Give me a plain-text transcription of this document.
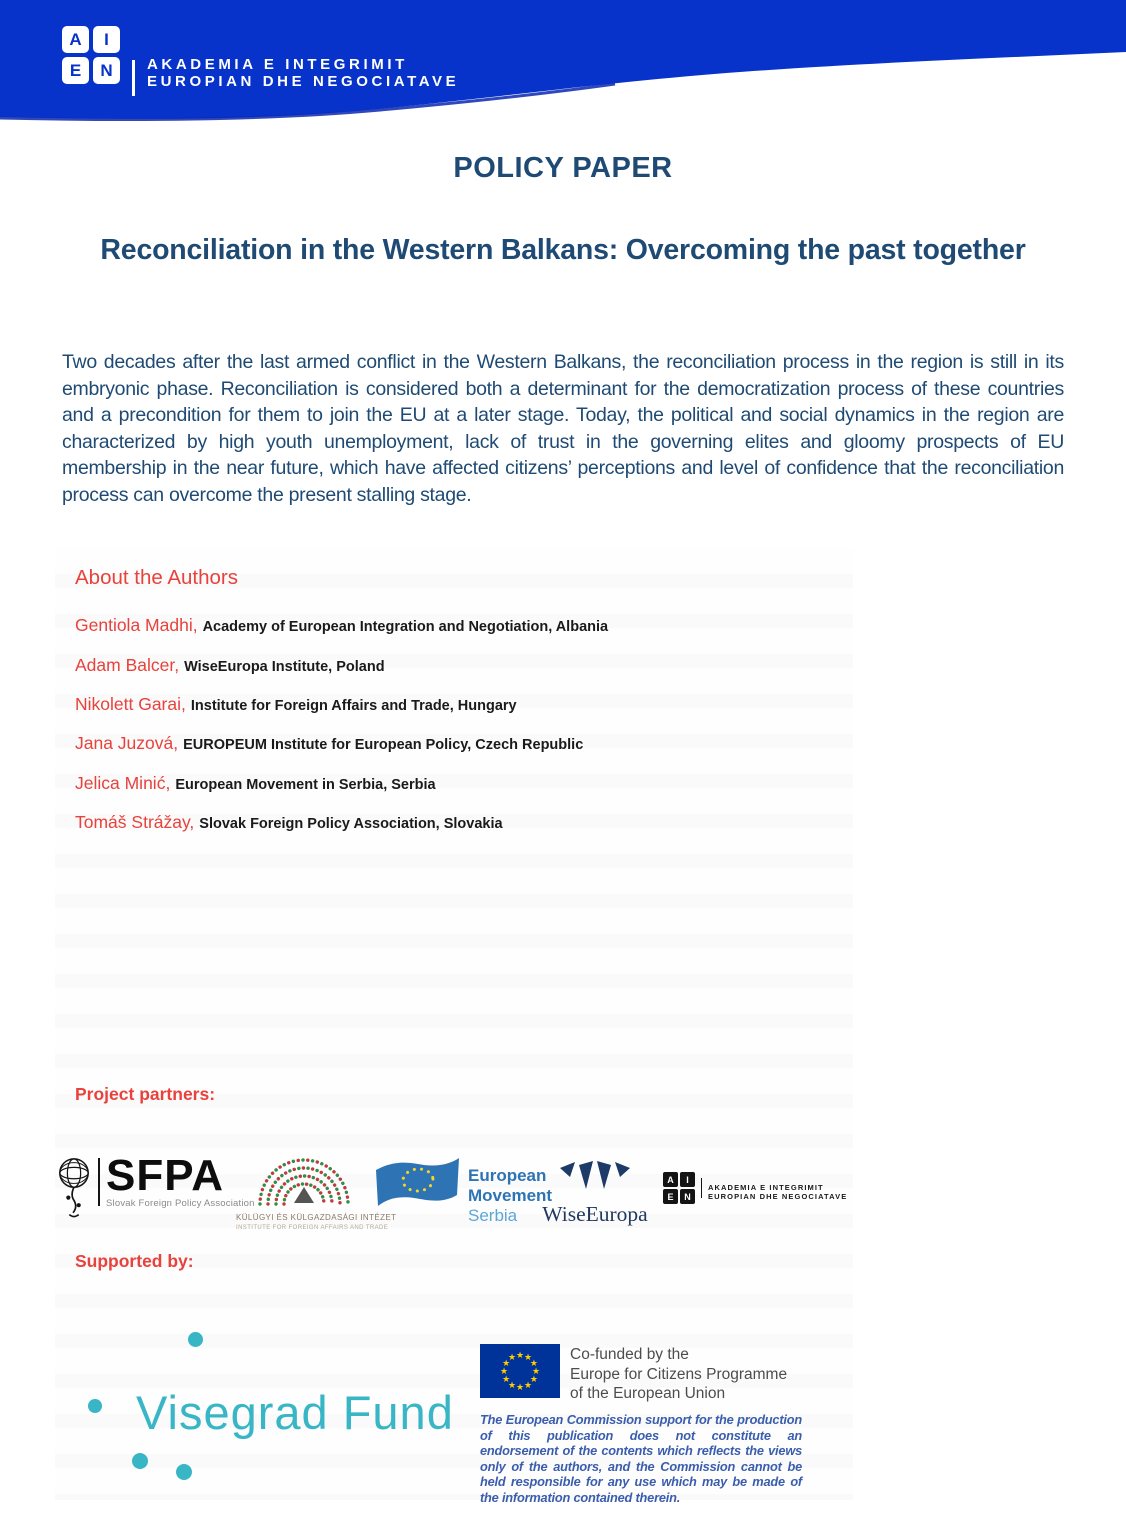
A	I
E	N	AKADEMIA E INTEGRIMIT
EUROPIAN DHE NEGOCIATAVE
POLICY PAPER
Reconciliation in the Western Balkans: Overcoming the past together
Two decades after the last armed conflict in the Western Balkans, the reconciliation process in the region is still in its embryonic phase. Reconciliation is considered both a determinant for the democratization process of these countries and a precondition for them to join the EU at a later stage. Today, the political and social dynamics in the region are characterized by high youth unemployment, lack of trust in the governing elites and gloomy prospects of EU membership in the near future, which have affected citizens’ perceptions and level of confidence that the reconciliation process can overcome the present stalling stage.
About the Authors
Gentiola Madhi, Academy of European Integration and Negotiation, Albania
Adam Balcer, WiseEuropa Institute, Poland
Nikolett Garai, Institute for Foreign Affairs and Trade, Hungary
Jana Juzová, EUROPEUM Institute for European Policy, Czech Republic
Jelica Minić, European Movement in Serbia, Serbia
Tomáš Strážay, Slovak Foreign Policy Association, Slovakia
Project partners:
SFPA
Slovak Foreign Policy Association
KÜLÜGYI ÉS KÜLGAZDASÁGI INTÉZET
INSTITUTE FOR FOREIGN AFFAIRS AND TRADE
European
Movement
Serbia	WiseEuropa
A	I
E	N
AKADEMIA E INTEGRIMIT
EUROPIAN DHE NEGOCIATAVE
Supported by:
Visegrad Fund
★ ★
★
★
★
★
★
★
★
★
★
★	Co-funded by the
Europe for Citizens Programme
of the European Union
The European Commission support for the production of this publication does not constitute an endorsement of the contents which reflects the views only of the authors, and the Commission cannot be held responsible for any use which may be made of the information contained therein.
